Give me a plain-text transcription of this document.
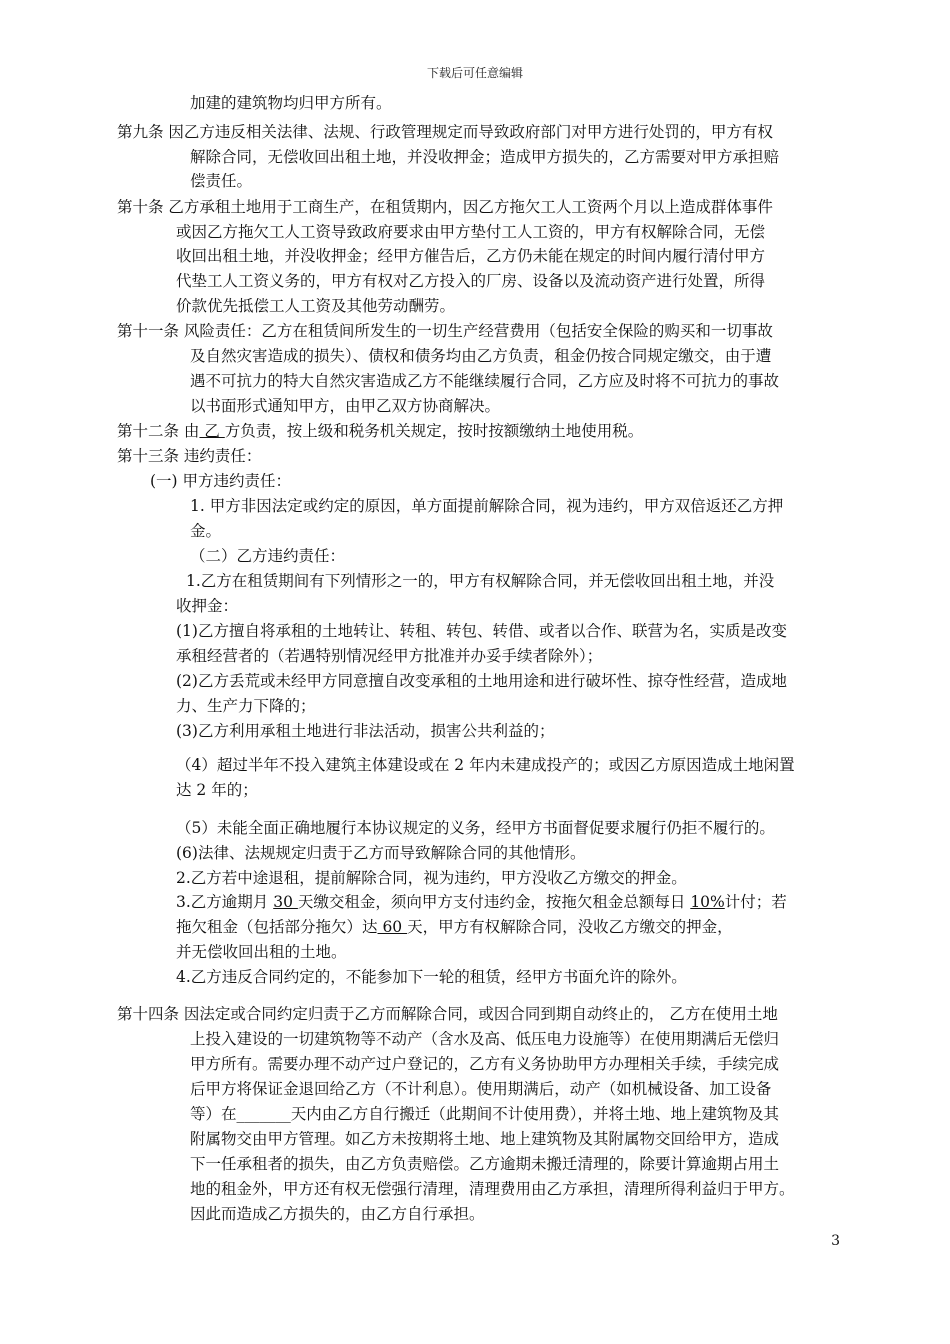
下载后可任意编辑
加建的建筑物均归甲方所有。
第九条 因乙方违反相关法律、法规、行政管理规定而导致政府部门对甲方进行处罚的，甲方有权
解除合同，无偿收回出租土地，并没收押金；造成甲方损失的，乙方需要对甲方承担赔
偿责任。
第十条 乙方承租土地用于工商生产，在租赁期内，因乙方拖欠工人工资两个月以上造成群体事件
或因乙方拖欠工人工资导致政府要求由甲方垫付工人工资的，甲方有权解除合同，无偿
收回出租土地，并没收押金；经甲方催告后，乙方仍未能在规定的时间内履行清付甲方
代垫工人工资义务的，甲方有权对乙方投入的厂房、设备以及流动资产进行处置，所得
价款优先抵偿工人工资及其他劳动酬劳。
第十一条 风险责任：乙方在租赁间所发生的一切生产经营费用（包括安全保险的购买和一切事故
及自然灾害造成的损失）、债权和债务均由乙方负责，租金仍按合同规定缴交，由于遭
遇不可抗力的特大自然灾害造成乙方不能继续履行合同，乙方应及时将不可抗力的事故
以书面形式通知甲方，由甲乙双方协商解决。
第十二条 由 乙 方负责，按上级和税务机关规定，按时按额缴纳土地使用税。
第十三条 违约责任：
(一) 甲方违约责任：
1. 甲方非因法定或约定的原因，单方面提前解除合同，视为违约，甲方双倍返还乙方押
金。
（二）乙方违约责任：
1.乙方在租赁期间有下列情形之一的，甲方有权解除合同，并无偿收回出租土地，并没
收押金：
(1)乙方擅自将承租的土地转让、转租、转包、转借、或者以合作、联营为名，实质是改变
承租经营者的（若遇特别情况经甲方批准并办妥手续者除外）；
(2)乙方丢荒或未经甲方同意擅自改变承租的土地用途和进行破坏性、掠夺性经营，造成地
力、生产力下降的；
(3)乙方利用承租土地进行非法活动，损害公共利益的；
（4）超过半年不投入建筑主体建设或在 2 年内未建成投产的；或因乙方原因造成土地闲置
达 2 年的；
（5）未能全面正确地履行本协议规定的义务，经甲方书面督促要求履行仍拒不履行的。
(6)法律、法规规定归责于乙方而导致解除合同的其他情形。
2.乙方若中途退租，提前解除合同，视为违约，甲方没收乙方缴交的押金。
3.乙方逾期月 30 天缴交租金，须向甲方支付违约金，按拖欠租金总额每日 10%计付；若
拖欠租金（包括部分拖欠）达 60 天，甲方有权解除合同，没收乙方缴交的押金，
并无偿收回出租的土地。
4.乙方违反合同约定的，不能参加下一轮的租赁，经甲方书面允许的除外。
第十四条 因法定或合同约定归责于乙方而解除合同，或因合同到期自动终止的， 乙方在使用土地
上投入建设的一切建筑物等不动产（含水及高、低压电力设施等）在使用期满后无偿归
甲方所有。需要办理不动产过户登记的，乙方有义务协助甲方办理相关手续，手续完成
后甲方将保证金退回给乙方（不计利息）。使用期满后，动产（如机械设备、加工设备
等）在_______天内由乙方自行搬迁（此期间不计使用费），并将土地、地上建筑物及其
附属物交由甲方管理。如乙方未按期将土地、地上建筑物及其附属物交回给甲方，造成
下一任承租者的损失，由乙方负责赔偿。乙方逾期未搬迁清理的，除要计算逾期占用土
地的租金外，甲方还有权无偿强行清理，清理费用由乙方承担，清理所得利益归于甲方。
因此而造成乙方损失的，由乙方自行承担。
3
